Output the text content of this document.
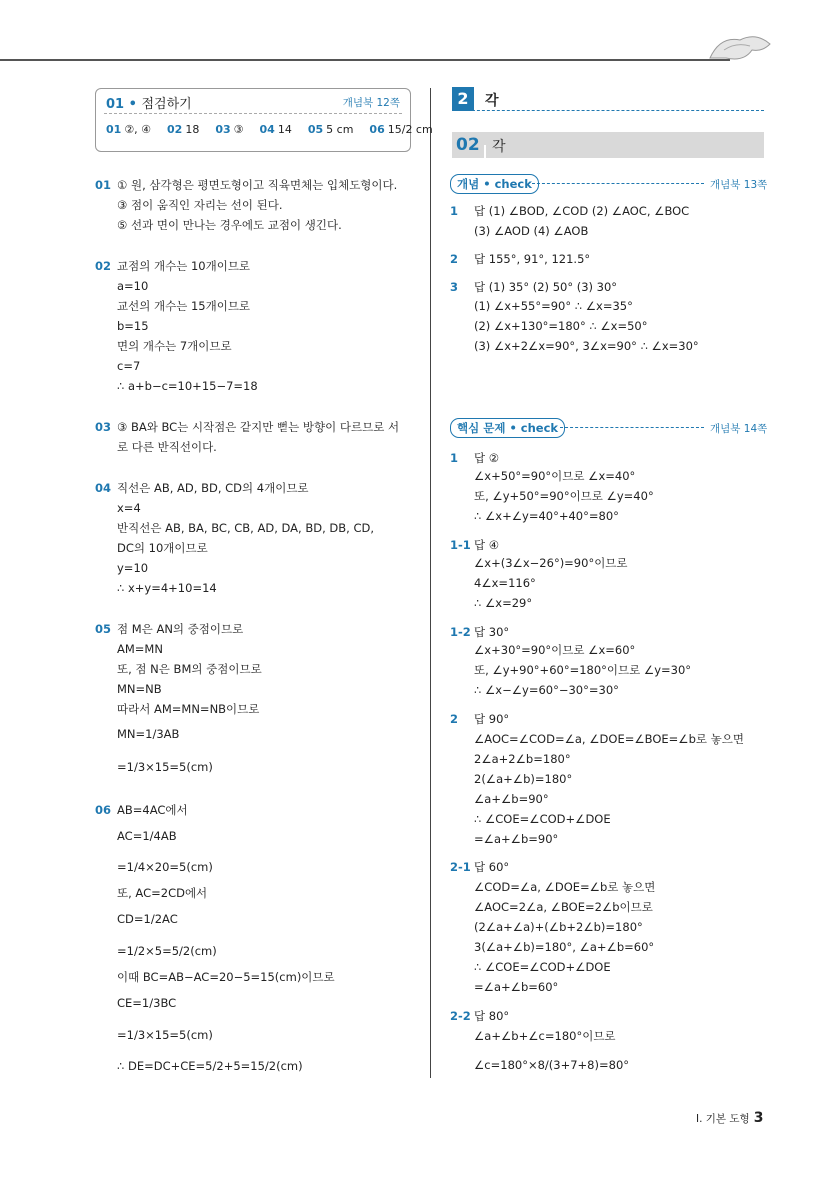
01 • 점검하기	개념북 12쪽
01 ②, ④ 02 18 03 ③ 04 14 05 5 cm 06 15/2 cm
01 ① 원, 삼각형은 평면도형이고 직육면체는 입체도형이다.
③ 점이 움직인 자리는 선이 된다.
⑤ 선과 면이 만나는 경우에도 교점이 생긴다.
02 교점의 개수는 10개이므로
a=10
교선의 개수는 15개이므로
b=15
면의 개수는 7개이므로
c=7
∴ a+b−c=10+15−7=18
03 ③ BA와 BC는 시작점은 같지만 뻗는 방향이 다르므로 서
로 다른 반직선이다.
04 직선은 AB, AD, BD, CD의 4개이므로
x=4
반직선은 AB, BA, BC, CB, AD, DA, BD, DB, CD,
DC의 10개이므로
y=10
∴ x+y=4+10=14
05 점 M은 AN의 중점이므로
AM=MN
또, 점 N은 BM의 중점이므로
MN=NB
따라서 AM=MN=NB이므로
MN=1/3AB
=1/3×15=5(cm)
06 AB=4AC에서
AC=1/4AB
=1/4×20=5(cm)
또, AC=2CD에서
CD=1/2AC
=1/2×5=5/2(cm)
이때 BC=AB−AC=20−5=15(cm)이므로
CE=1/3BC
=1/3×15=5(cm)
∴ DE=DC+CE=5/2+5=15/2(cm)
2	각
02 각
개념 • check	개념북 13쪽
핵심 문제 • check	개념북 14쪽
1 답 (1) ∠BOD, ∠COD (2) ∠AOC, ∠BOC
(3) ∠AOD (4) ∠AOB
2 답 155°, 91°, 121.5°
3 답 (1) 35° (2) 50° (3) 30°
(1) ∠x+55°=90° ∴ ∠x=35°
(2) ∠x+130°=180° ∴ ∠x=50°
(3) ∠x+2∠x=90°, 3∠x=90° ∴ ∠x=30°
1 답 ②
∠x+50°=90°이므로 ∠x=40°
또, ∠y+50°=90°이므로 ∠y=40°
∴ ∠x+∠y=40°+40°=80°
1-1 답 ④
∠x+(3∠x−26°)=90°이므로
4∠x=116°
∴ ∠x=29°
1-2 답 30°
∠x+30°=90°이므로 ∠x=60°
또, ∠y+90°+60°=180°이므로 ∠y=30°
∴ ∠x−∠y=60°−30°=30°
2 답 90°
∠AOC=∠COD=∠a, ∠DOE=∠BOE=∠b로 놓으면
2∠a+2∠b=180°
2(∠a+∠b)=180°
∠a+∠b=90°
∴ ∠COE=∠COD+∠DOE
=∠a+∠b=90°
2-1 답 60°
∠COD=∠a, ∠DOE=∠b로 놓으면
∠AOC=2∠a, ∠BOE=2∠b이므로
(2∠a+∠a)+(∠b+2∠b)=180°
3(∠a+∠b)=180°, ∠a+∠b=60°
∴ ∠COE=∠COD+∠DOE
=∠a+∠b=60°
2-2 답 80°
∠a+∠b+∠c=180°이므로
∠c=180°×8/(3+7+8)=80°
Ⅰ. 기본 도형 3
